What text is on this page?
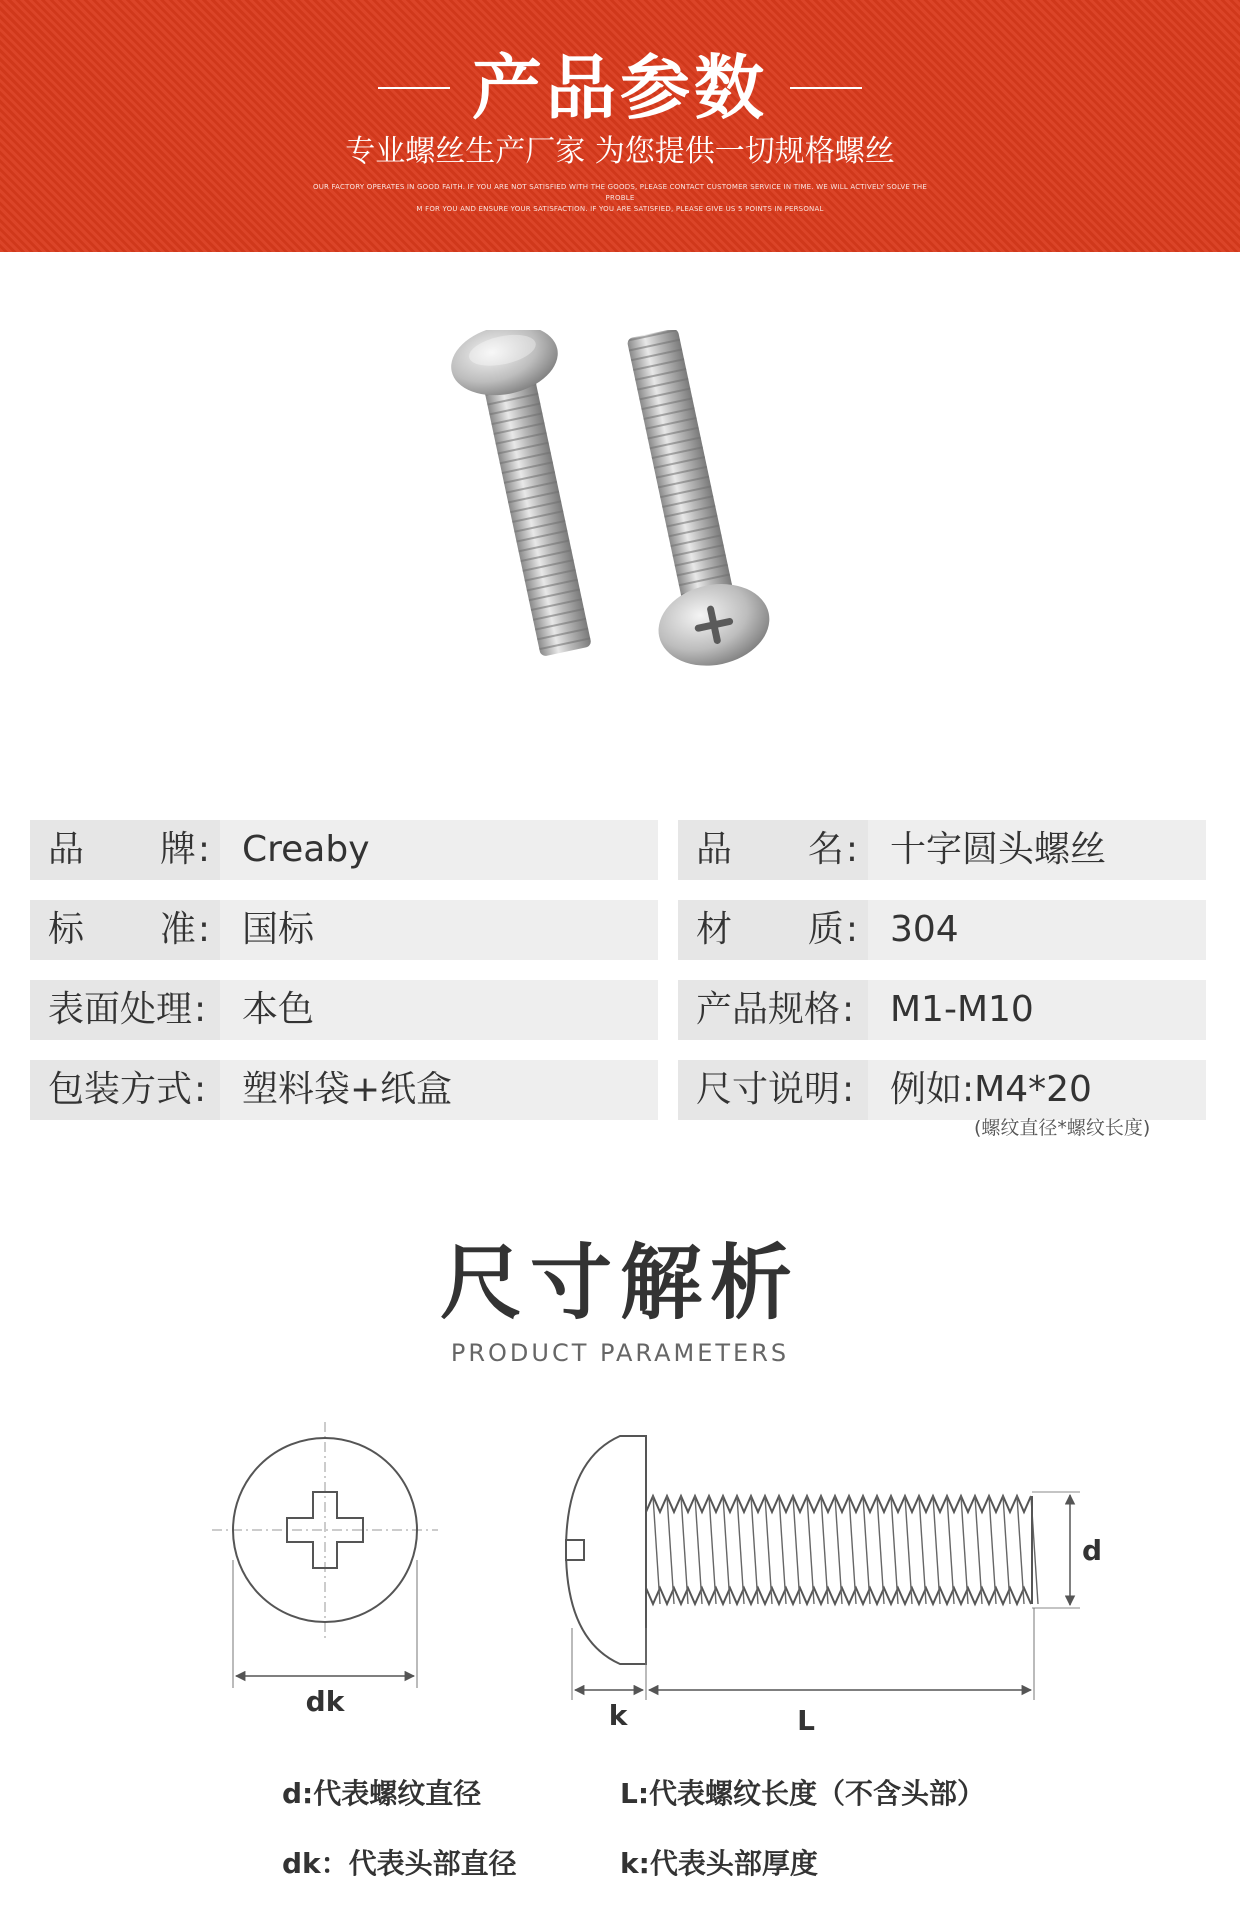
产品参数
专业螺丝生产厂家 为您提供一切规格螺丝
OUR FACTORY OPERATES IN GOOD FAITH. IF YOU ARE NOT SATISFIED WITH THE GOODS, PLEASE CONTACT CUSTOMER SERVICE IN TIME. WE WILL ACTIVELY SOLVE THE PROBLE
M FOR YOU AND ENSURE YOUR SATISFACTION. IF YOU ARE SATISFIED, PLEASE GIVE US 5 POINTS IN PERSONAL
品 牌: Creaby	品 名: 十字圆头螺丝
标 准: 国标	材 质: 304
表面处理: 本色	产品规格: M1-M10
包装方式: 塑料袋+纸盒	尺寸说明: 例如:M4*20
(螺纹直径*螺纹长度)
尺寸解析
PRODUCT PARAMETERS
dk
d
k	L
d:代表螺纹直径	L:代表螺纹长度（不含头部）
dk：代表头部直径	k:代表头部厚度
